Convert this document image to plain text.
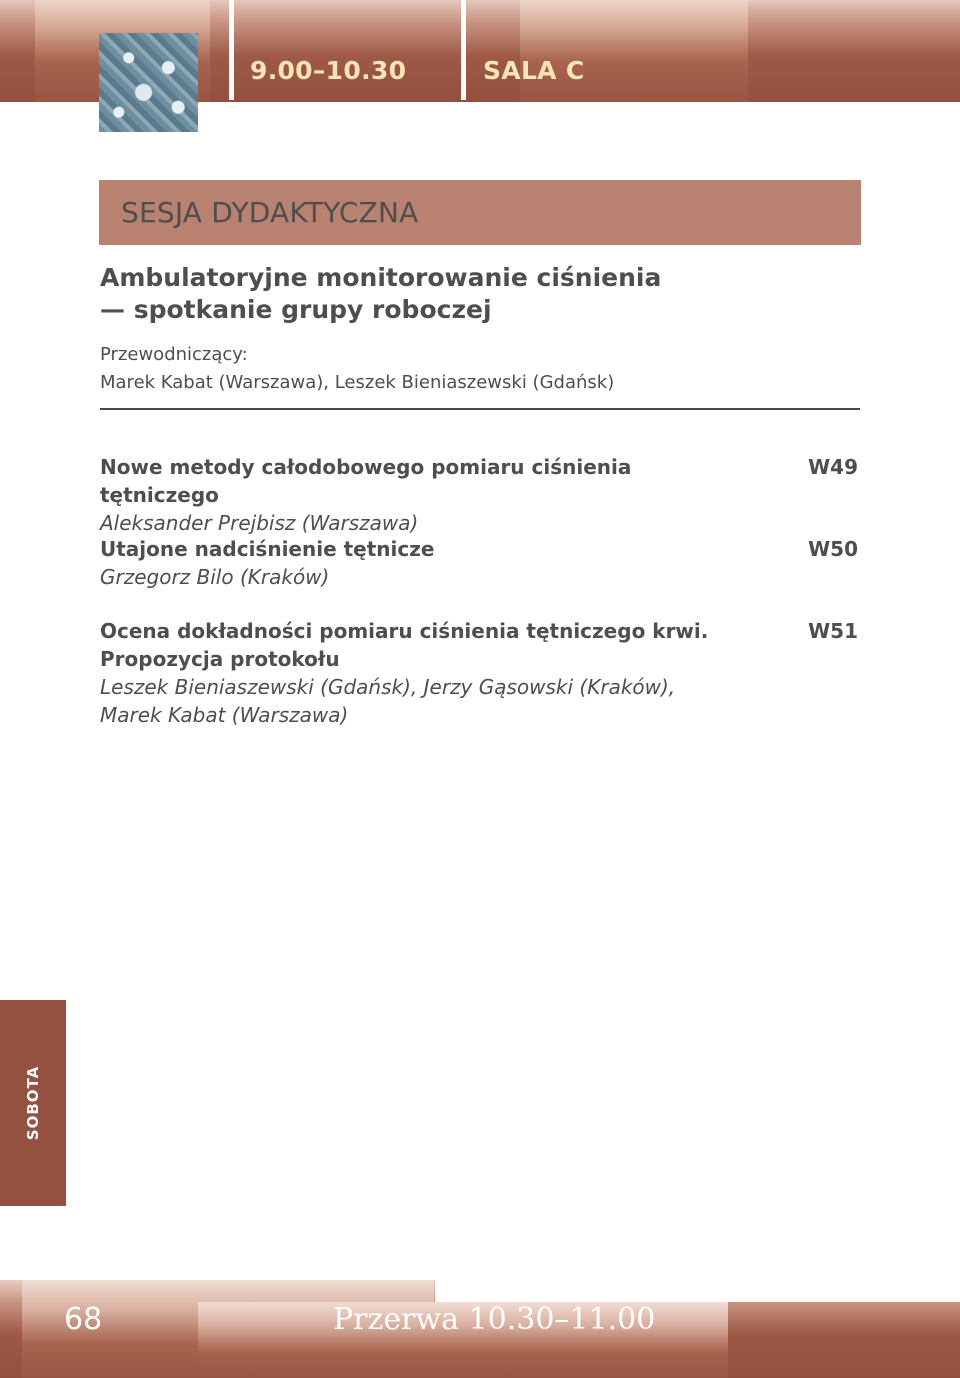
9.00–10.30	SALA C
SESJA DYDAKTYCZNA
Ambulatoryjne monitorowanie ciśnienia
— spotkanie grupy roboczej
Przewodniczący:
Marek Kabat (Warszawa), Leszek Bieniaszewski (Gdańsk)
Nowe metody całodobowego pomiaru ciśnienia tętniczego
Aleksander Prejbisz (Warszawa)
W49
Utajone nadciśnienie tętnicze
Grzegorz Bilo (Kraków)
W50
Ocena dokładności pomiaru ciśnienia tętniczego krwi.
Propozycja protokołu
Leszek Bieniaszewski (Gdańsk), Jerzy Gąsowski (Kraków),
Marek Kabat (Warszawa)
W51
SOBOTA
68	Przerwa 10.30–11.00
